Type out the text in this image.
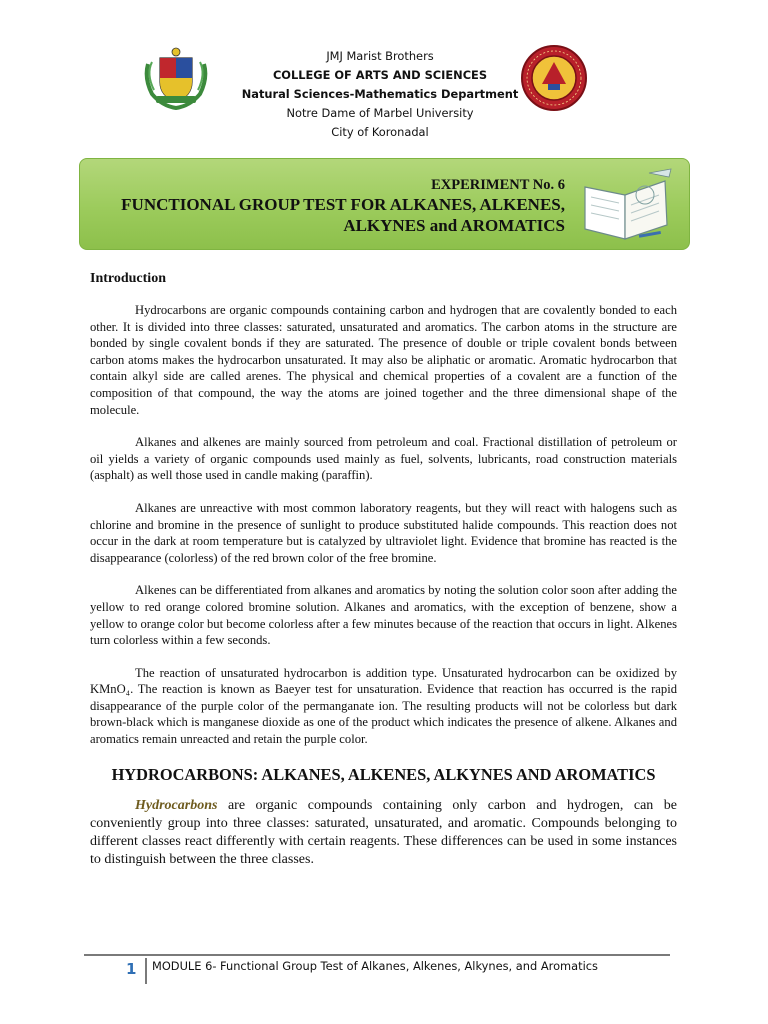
JMJ Marist Brothers
COLLEGE OF ARTS AND SCIENCES
Natural Sciences-Mathematics Department
Notre Dame of Marbel University
City of Koronadal
EXPERIMENT No. 6
FUNCTIONAL GROUP TEST FOR ALKANES, ALKENES,
ALKYNES and AROMATICS
Introduction

Hydrocarbons are organic compounds containing carbon and hydrogen that are covalently bonded to each other. It is divided into three classes: saturated, unsaturated and aromatics. The carbon atoms in the structure are bonded by single covalent bonds if they are saturated. The presence of double or triple covalent bonds between carbon atoms makes the hydrocarbon unsaturated. It may also be aliphatic or aromatic. Aromatic hydrocarbon that contain alkyl side are called arenes. The physical and chemical properties of a covalent are a function of the composition of that compound, the way the atoms are joined together and the three dimensional shape of the molecule.

Alkanes and alkenes are mainly sourced from petroleum and coal. Fractional distillation of petroleum or oil yields a variety of organic compounds used mainly as fuel, solvents, lubricants, road construction materials (asphalt) as well those used in candle making (paraffin).

Alkanes are unreactive with most common laboratory reagents, but they will react with halogens such as chlorine and bromine in the presence of sunlight to produce substituted halide compounds. This reaction does not occur in the dark at room temperature but is catalyzed by ultraviolet light. Evidence that bromine has reacted is the disappearance (colorless) of the red brown color of the free bromine.

Alkenes can be differentiated from alkanes and aromatics by noting the solution color soon after adding the yellow to red orange colored bromine solution. Alkanes and aromatics, with the exception of benzene, show a yellow to orange color but become colorless after a few minutes because of the reaction that occurs in light. Alkenes turn colorless within a few seconds.

The reaction of unsaturated hydrocarbon is addition type. Unsaturated hydrocarbon can be oxidized by KMnO₄. The reaction is known as Baeyer test for unsaturation. Evidence that reaction has occurred is the rapid disappearance of the purple color of the permanganate ion. The resulting products will not be colorless but dark brown-black which is manganese dioxide as one of the product which indicates the presence of alkene. Alkanes and aromatics remain unreacted and retain the purple color.

HYDROCARBONS: ALKANES, ALKENES, ALKYNES AND AROMATICS

Hydrocarbons are organic compounds containing only carbon and hydrogen, can be conveniently group into three classes: saturated, unsaturated, and aromatic. Compounds belonging to different classes react differently with certain reagents. These differences can be used in some instances to distinguish between the three classes.

1	MODULE 6- Functional Group Test of Alkanes, Alkenes, Alkynes, and Aromatics
